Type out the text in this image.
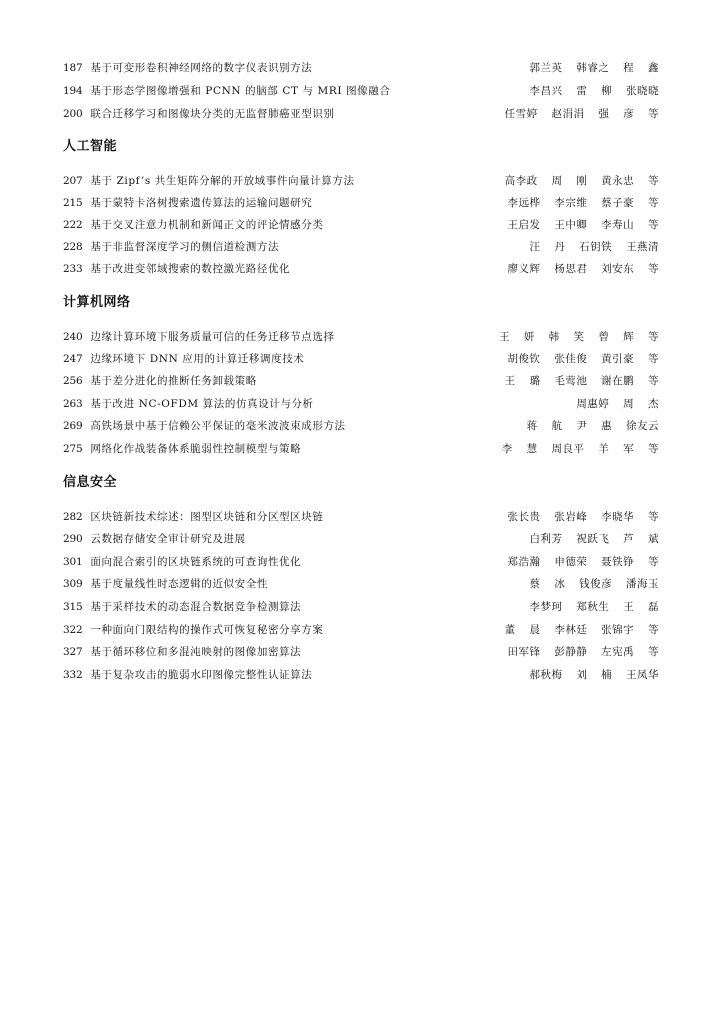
187 基于可变形卷积神经网络的数字仪表识别方法	郭兰英 韩睿之 程 鑫
194 基于形态学图像增强和 PCNN 的脑部 CT 与 MRI 图像融合	李昌兴 雷 柳 张晓晓
200 联合迁移学习和图像块分类的无监督肺癌亚型识别	任雪婷 赵涓涓 强 彦 等
人工智能
207 基于 Zipf’s 共生矩阵分解的开放域事件向量计算方法	高李政 周 刚 黄永忠 等
215 基于蒙特卡洛树搜索遗传算法的运输问题研究	李远桦 李宗维 蔡子豪 等
222 基于交叉注意力机制和新闻正文的评论情感分类	王启发 王中卿 李寿山 等
228 基于非监督深度学习的侧信道检测方法	汪 丹 石钥铁 王燕清
233 基于改进变邻域搜索的数控激光路径优化	廖义辉 杨思君 刘安东 等
计算机网络
240 边缘计算环境下服务质量可信的任务迁移节点选择	王 妍 韩 笑 曾 辉 等
247 边缘环境下 DNN 应用的计算迁移调度技术	胡俊钦 张佳俊 黄引豪 等
256 基于差分进化的推断任务卸载策略	王 璐 毛莺池 谢在鹏 等
263 基于改进 NC-OFDM 算法的仿真设计与分析	周惠婷 周 杰
269 高铁场景中基于信赖公平保证的毫米波波束成形方法	蒋 航 尹 惠 徐友云
275 网络化作战装备体系脆弱性控制模型与策略	李 慧 周良平 羊 军 等
信息安全
282 区块链新技术综述：图型区块链和分区型区块链	张长贵 张岩峰 李晓华 等
290 云数据存储安全审计研究及进展	白利芳 祝跃飞 芦 斌
301 面向混合索引的区块链系统的可查询性优化	郑浩瀚 申德荣 聂铁铮 等
309 基于度量线性时态逻辑的近似安全性	蔡 冰 钱俊彦 潘海玉
315 基于采样技术的动态混合数据竞争检测算法	李梦珂 郑秋生 王 磊
322 一种面向门限结构的操作式可恢复秘密分享方案	董 晨 李林廷 张锦宇 等
327 基于循环移位和多混沌映射的图像加密算法	田军锋 彭静静 左宪禹 等
332 基于复杂攻击的脆弱水印图像完整性认证算法	郝秋梅 刘 楠 王凤华
